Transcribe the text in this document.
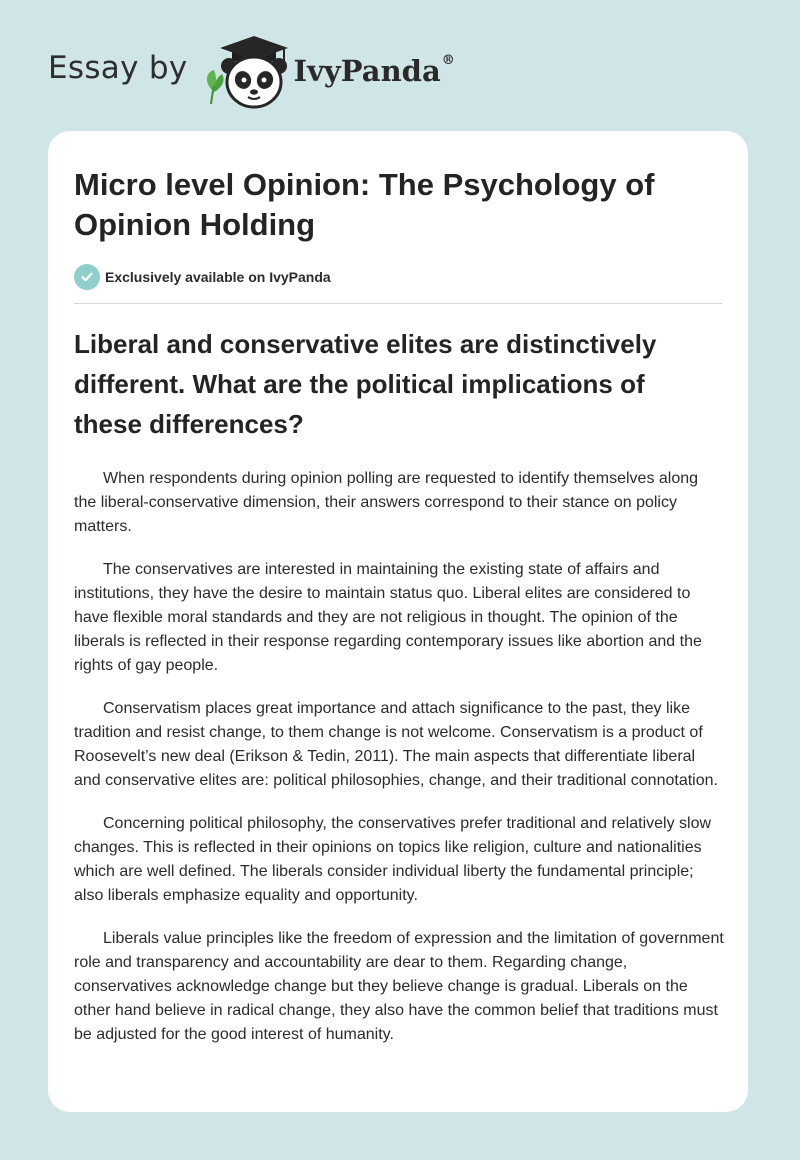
Essay by	IvyPanda®
Micro level Opinion: The Psychology of Opinion Holding
Exclusively available on IvyPanda
Liberal and conservative elites are distinctively different. What are the political implications of these differences?

When respondents during opinion polling are requested to identify themselves along the liberal-conservative dimension, their answers correspond to their stance on policy matters.

The conservatives are interested in maintaining the existing state of affairs and institutions, they have the desire to maintain status quo. Liberal elites are considered to have flexible moral standards and they are not religious in thought. The opinion of the liberals is reflected in their response regarding contemporary issues like abortion and the rights of gay people.

Conservatism places great importance and attach significance to the past, they like tradition and resist change, to them change is not welcome. Conservatism is a product of Roosevelt’s new deal (Erikson & Tedin, 2011). The main aspects that differentiate liberal and conservative elites are: political philosophies, change, and their traditional connotation.

Concerning political philosophy, the conservatives prefer traditional and relatively slow changes. This is reflected in their opinions on topics like religion, culture and nationalities which are well defined. The liberals consider individual liberty the fundamental principle; also liberals emphasize equality and opportunity.

Liberals value principles like the freedom of expression and the limitation of government role and transparency and accountability are dear to them. Regarding change, conservatives acknowledge change but they believe change is gradual. Liberals on the other hand believe in radical change, they also have the common belief that traditions must be adjusted for the good interest of humanity.
